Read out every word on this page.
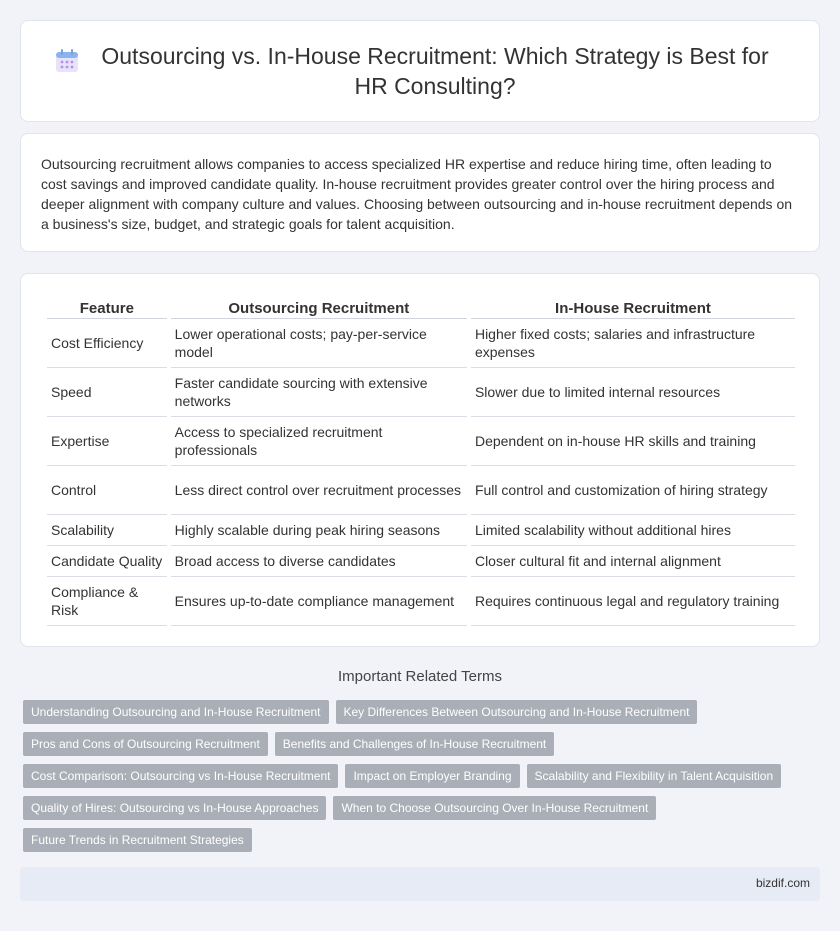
Outsourcing vs. In-House Recruitment: Which Strategy is Best for HR Consulting?

Outsourcing recruitment allows companies to access specialized HR expertise and reduce hiring time, often leading to cost savings and improved candidate quality. In-house recruitment provides greater control over the hiring process and deeper alignment with company culture and values. Choosing between outsourcing and in-house recruitment depends on a business's size, budget, and strategic goals for talent acquisition.

Feature	Outsourcing Recruitment	In-House Recruitment
Cost Efficiency	Lower operational costs; pay-per-service model	Higher fixed costs; salaries and infrastructure expenses
Speed	Faster candidate sourcing with extensive networks	Slower due to limited internal resources
Expertise	Access to specialized recruitment professionals	Dependent on in-house HR skills and training
Control	Less direct control over recruitment processes	Full control and customization of hiring strategy
Scalability	Highly scalable during peak hiring seasons	Limited scalability without additional hires
Candidate Quality	Broad access to diverse candidates	Closer cultural fit and internal alignment
Compliance & Risk	Ensures up-to-date compliance management	Requires continuous legal and regulatory training
Important Related Terms
Understanding Outsourcing and In-House Recruitment	Key Differences Between Outsourcing and In-House Recruitment
Pros and Cons of Outsourcing Recruitment	Benefits and Challenges of In-House Recruitment
Cost Comparison: Outsourcing vs In-House Recruitment	Impact on Employer Branding	Scalability and Flexibility in Talent Acquisition
Quality of Hires: Outsourcing vs In-House Approaches	When to Choose Outsourcing Over In-House Recruitment
Future Trends in Recruitment Strategies
bizdif.com
